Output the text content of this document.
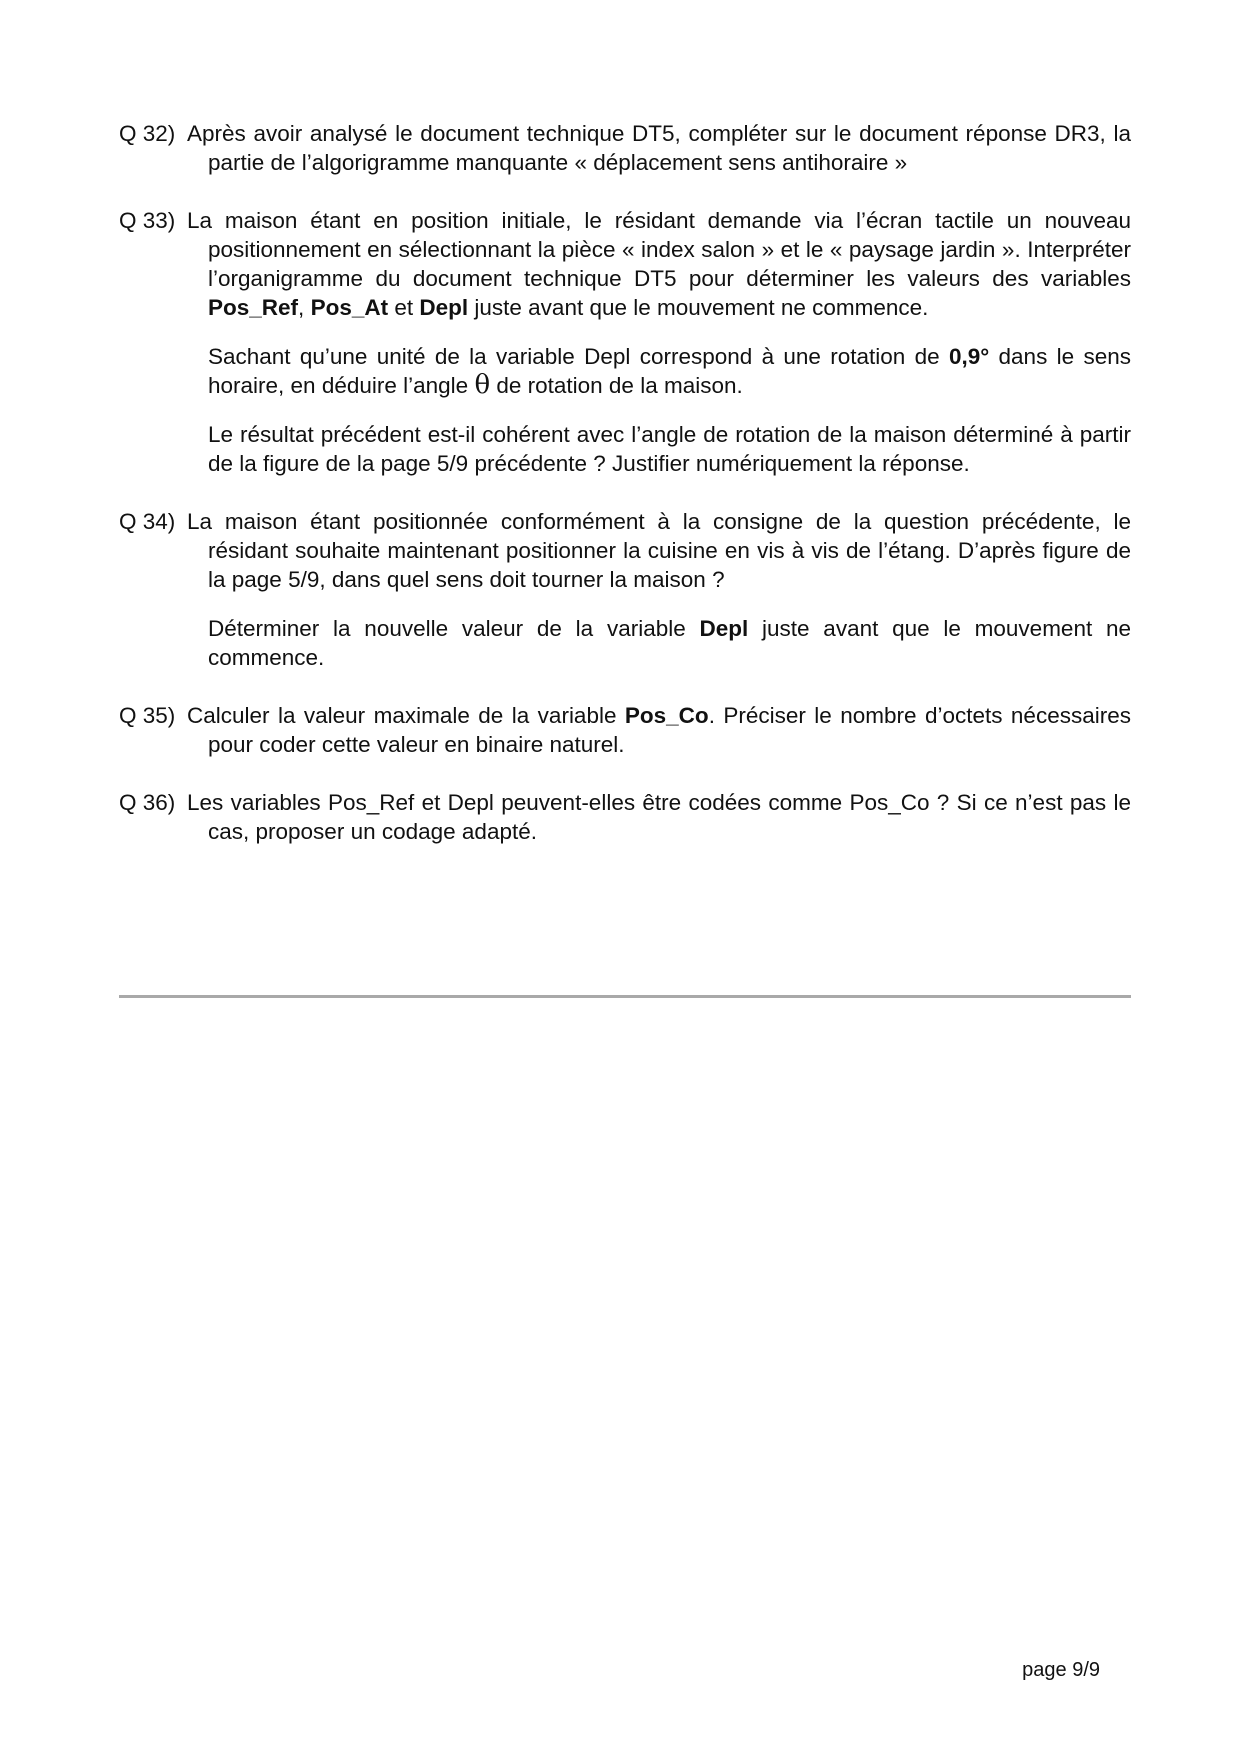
Q 32) Après avoir analysé le document technique DT5, compléter sur le document réponse DR3, la partie de l’algorigramme manquante « déplacement sens antihoraire »

Q 33) La maison étant en position initiale, le résidant demande via l’écran tactile un nouveau positionnement en sélectionnant la pièce « index salon » et le « paysage jardin ». Interpréter l’organigramme du document technique DT5 pour déterminer les valeurs des variables Pos_Ref, Pos_At et Depl juste avant que le mouvement ne commence.

Sachant qu’une unité de la variable Depl correspond à une rotation de 0,9° dans le sens horaire, en déduire l’angle θ de rotation de la maison.

Le résultat précédent est-il cohérent avec l’angle de rotation de la maison déterminé à partir de la figure de la page 5/9 précédente ? Justifier numériquement la réponse.

Q 34) La maison étant positionnée conformément à la consigne de la question précédente, le résidant souhaite maintenant positionner la cuisine en vis à vis de l’étang. D’après figure de la page 5/9, dans quel sens doit tourner la maison ?

Déterminer la nouvelle valeur de la variable Depl juste avant que le mouvement ne commence.

Q 35) Calculer la valeur maximale de la variable Pos_Co. Préciser le nombre d’octets nécessaires pour coder cette valeur en binaire naturel.

Q 36) Les variables Pos_Ref et Depl peuvent-elles être codées comme Pos_Co ? Si ce n’est pas le cas, proposer un codage adapté.

page 9/9
